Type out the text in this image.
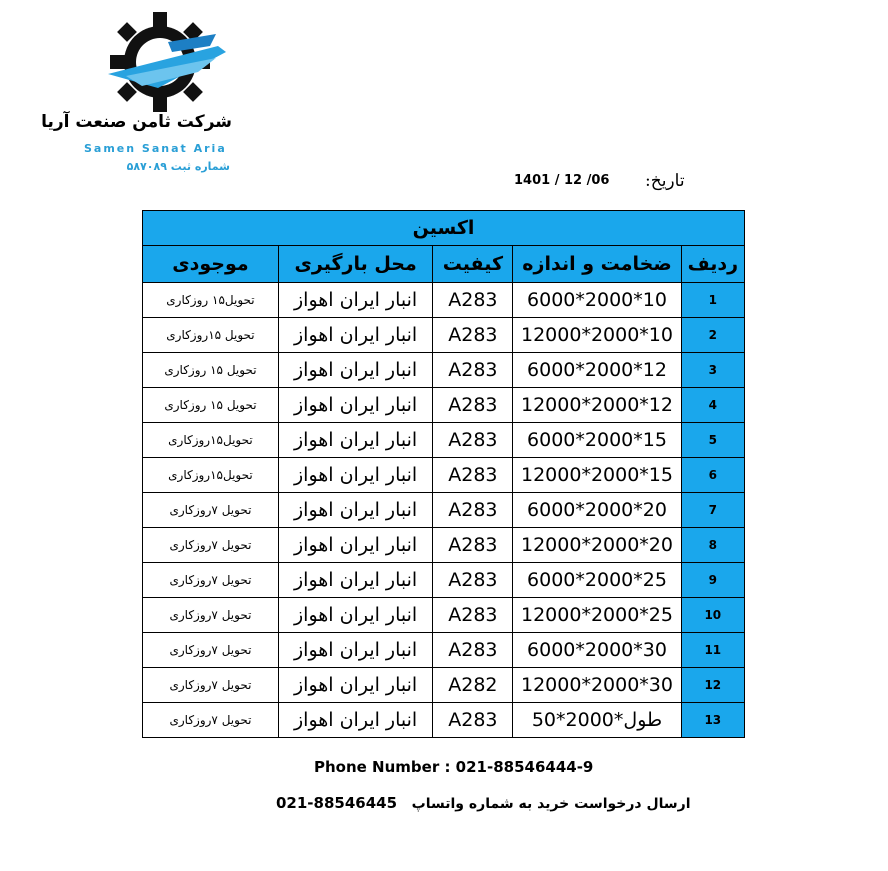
شرکت ثامن صنعت آریا
Samen Sanat Aria
شماره ثبت ۵۸۷۰۸۹
1401 / 12 /06 تاریخ:
اکسین				
ردیف	ضخامت و اندازه	کیفیت	محل بارگیری	موجودی
1	6000*2000*10	A283	انبار ایران اهواز	تحویل۱۵ روزکاری
2	12000*2000*10	A283	انبار ایران اهواز	تحویل ۱۵روزکاری
3	6000*2000*12	A283	انبار ایران اهواز	تحویل ۱۵ روزکاری
4	12000*2000*12	A283	انبار ایران اهواز	تحویل ۱۵ روزکاری
5	6000*2000*15	A283	انبار ایران اهواز	تحویل۱۵روزکاری
6	12000*2000*15	A283	انبار ایران اهواز	تحویل۱۵روزکاری
7	6000*2000*20	A283	انبار ایران اهواز	تحویل ۷روزکاری
8	12000*2000*20	A283	انبار ایران اهواز	تحویل ۷روزکاری
9	6000*2000*25	A283	انبار ایران اهواز	تحویل ۷روزکاری
10	12000*2000*25	A283	انبار ایران اهواز	تحویل ۷روزکاری
11	6000*2000*30	A283	انبار ایران اهواز	تحویل ۷روزکاری
12	12000*2000*30	A282	انبار ایران اهواز	تحویل ۷روزکاری
13	طول*2000*50	A283	انبار ایران اهواز	تحویل ۷روزکاری
Phone Number : 021-88546444-9
021-88546445 ارسال درخواست خرید به شماره واتساپ
